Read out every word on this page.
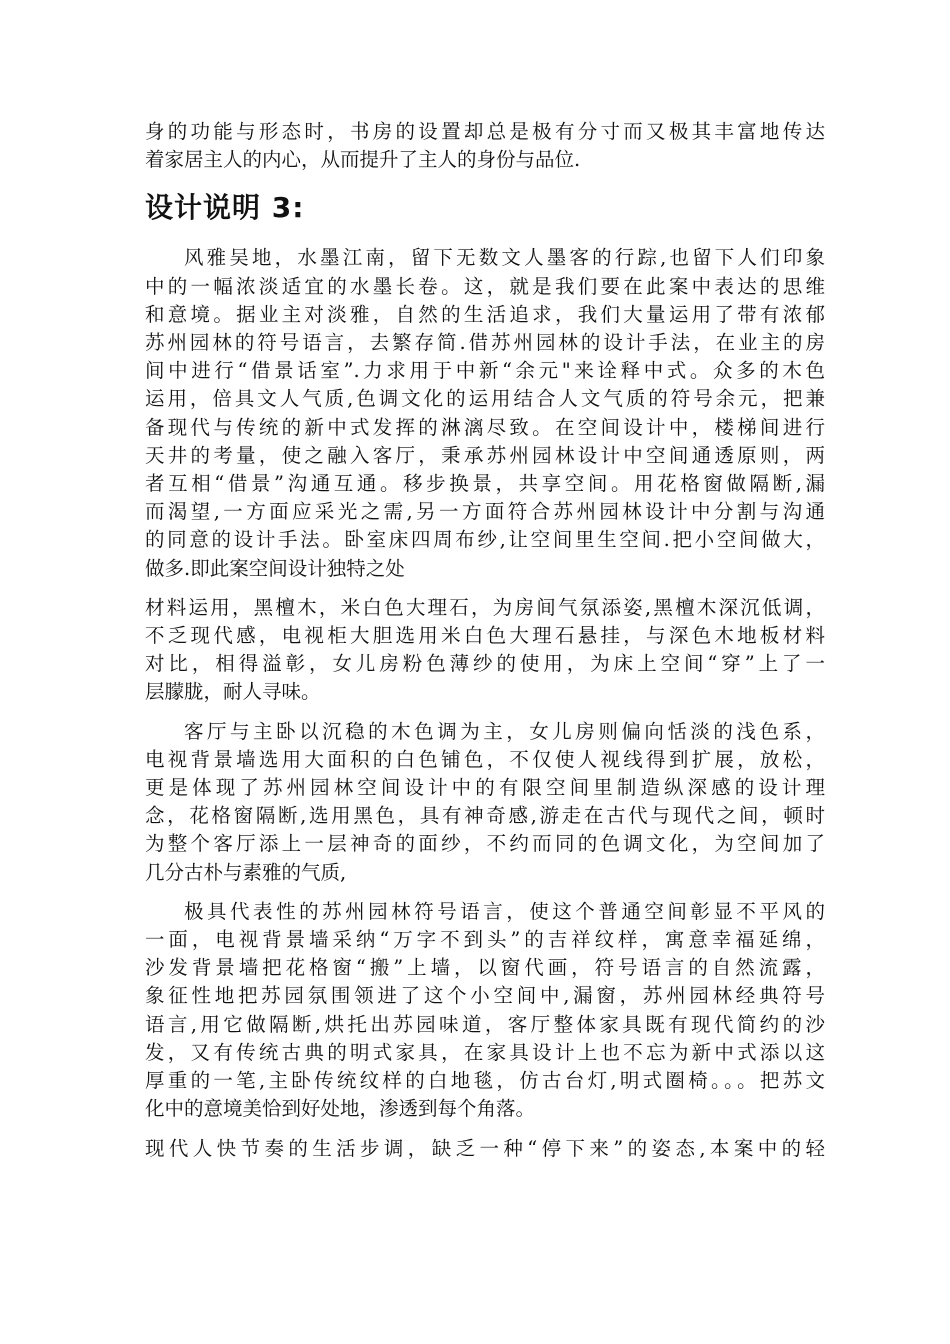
身的功能与形态时，书房的设置却总是极有分寸而又极其丰富地传达
着家居主人的内心，从而提升了主人的身份与品位.

设计说明 3:

风雅吴地，水墨江南，留下无数文人墨客的行踪,也留下人们印象
中的一幅浓淡适宜的水墨长卷。这，就是我们要在此案中表达的思维
和意境。据业主对淡雅，自然的生活追求，我们大量运用了带有浓郁
苏州园林的符号语言，去繁存简.借苏州园林的设计手法，在业主的房
间中进行“借景话室”.力求用于中新“余元"来诠释中式。众多的木色
运用，倍具文人气质,色调文化的运用结合人文气质的符号余元，把兼
备现代与传统的新中式发挥的淋漓尽致。在空间设计中，楼梯间进行
天井的考量，使之融入客厅，秉承苏州园林设计中空间通透原则，两
者互相“借景”沟通互通。移步换景，共享空间。用花格窗做隔断,漏
而渴望,一方面应采光之需,另一方面符合苏州园林设计中分割与沟通
的同意的设计手法。卧室床四周布纱,让空间里生空间.把小空间做大，
做多.即此案空间设计独特之处

材料运用，黑檀木，米白色大理石，为房间气氛添姿,黑檀木深沉低调，
不乏现代感，电视柜大胆选用米白色大理石悬挂，与深色木地板材料
对比，相得溢彰，女儿房粉色薄纱的使用，为床上空间“穿”上了一
层朦胧，耐人寻味。

客厅与主卧以沉稳的木色调为主，女儿房则偏向恬淡的浅色系，
电视背景墙选用大面积的白色铺色，不仅使人视线得到扩展，放松，
更是体现了苏州园林空间设计中的有限空间里制造纵深感的设计理
念，花格窗隔断,选用黑色，具有神奇感,游走在古代与现代之间，顿时
为整个客厅添上一层神奇的面纱，不约而同的色调文化，为空间加了
几分古朴与素雅的气质,

极具代表性的苏州园林符号语言，使这个普通空间彰显不平风的
一面，电视背景墙采纳“万字不到头”的吉祥纹样，寓意幸福延绵，
沙发背景墙把花格窗“搬”上墙，以窗代画，符号语言的自然流露，
象征性地把苏园氛围领进了这个小空间中,漏窗，苏州园林经典符号
语言,用它做隔断,烘托出苏园味道，客厅整体家具既有现代简约的沙
发，又有传统古典的明式家具，在家具设计上也不忘为新中式添以这
厚重的一笔,主卧传统纹样的白地毯，仿古台灯,明式圈椅。。。把苏文
化中的意境美恰到好处地，渗透到每个角落。

现代人快节奏的生活步调，缺乏一种“停下来”的姿态,本案中的轻
